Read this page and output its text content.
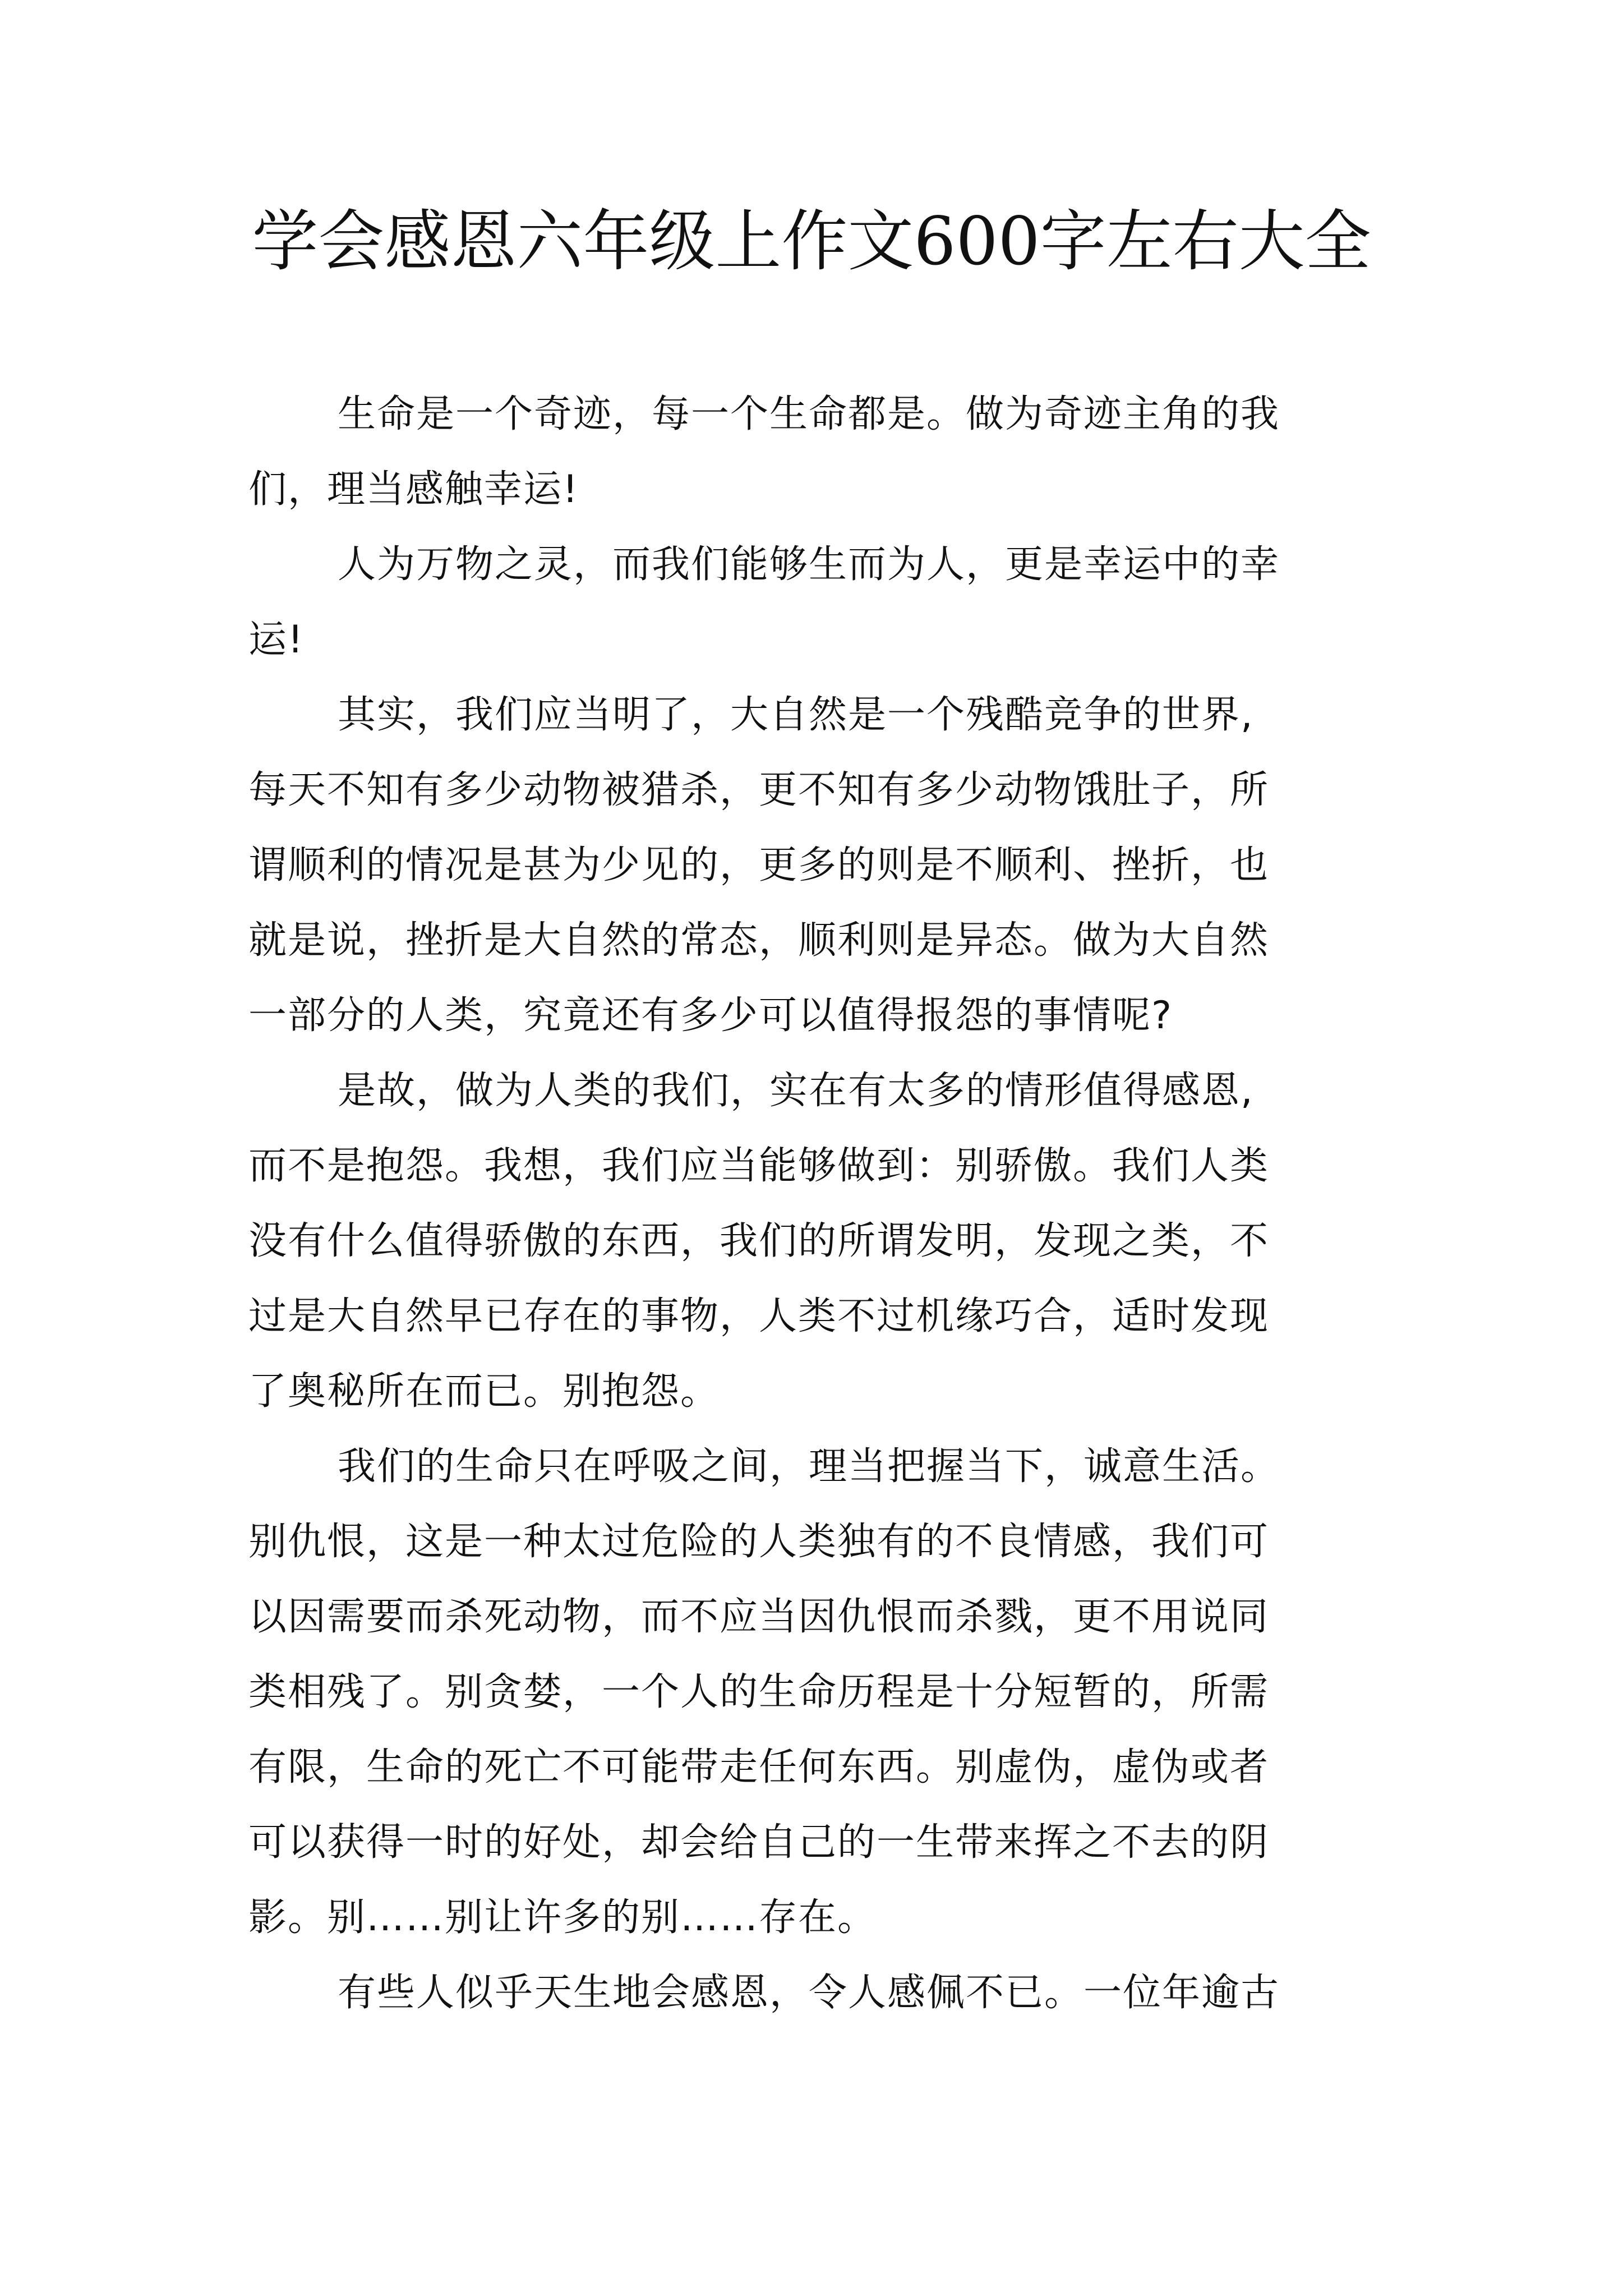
学会感恩六年级上作文600字左右大全
生命是一个奇迹，每一个生命都是。做为奇迹主角的我
们，理当感触幸运!
人为万物之灵，而我们能够生而为人，更是幸运中的幸
运!
其实，我们应当明了，大自然是一个残酷竞争的世界,
每天不知有多少动物被猎杀，更不知有多少动物饿肚子，所
谓顺利的情况是甚为少见的，更多的则是不顺利、挫折，也
就是说，挫折是大自然的常态，顺利则是异态。做为大自然
一部分的人类，究竟还有多少可以值得报怨的事情呢?
是故，做为人类的我们，实在有太多的情形值得感恩,
而不是抱怨。我想，我们应当能够做到：别骄傲。我们人类
没有什么值得骄傲的东西，我们的所谓发明，发现之类，不
过是大自然早已存在的事物，人类不过机缘巧合，适时发现
了奥秘所在而已。别抱怨。
我们的生命只在呼吸之间，理当把握当下，诚意生活。
别仇恨，这是一种太过危险的人类独有的不良情感，我们可
以因需要而杀死动物，而不应当因仇恨而杀戮，更不用说同
类相残了。别贪婪，一个人的生命历程是十分短暂的，所需
有限，生命的死亡不可能带走任何东西。别虚伪，虚伪或者
可以获得一时的好处，却会给自己的一生带来挥之不去的阴
影。别……别让许多的别……存在。
有些人似乎天生地会感恩，令人感佩不已。一位年逾古
